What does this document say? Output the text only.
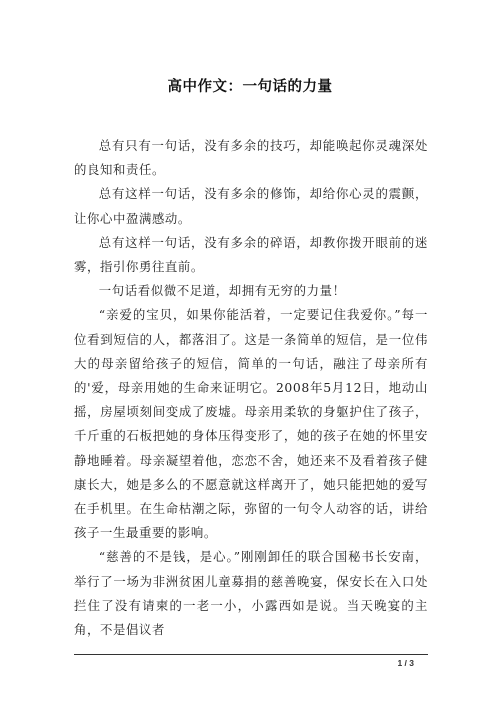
高中作文：一句话的力量

总有只有一句话，没有多余的技巧，却能唤起你灵魂深处的良知和责任。

总有这样一句话，没有多余的修饰，却给你心灵的震颤，让你心中盈满感动。

总有这样一句话，没有多余的碎语，却教你拨开眼前的迷雾，指引你勇往直前。

一句话看似微不足道，却拥有无穷的力量！

“亲爱的宝贝，如果你能活着，一定要记住我爱你。”每一位看到短信的人，都落泪了。这是一条简单的短信，是一位伟大的母亲留给孩子的短信，简单的一句话，融注了母亲所有的'爱，母亲用她的生命来证明它。2008年5月12日，地动山摇，房屋顷刻间变成了废墟。母亲用柔软的身躯护住了孩子，千斤重的石板把她的身体压得变形了，她的孩子在她的怀里安静地睡着。母亲凝望着他，恋恋不舍，她还来不及看着孩子健康长大，她是多么的不愿意就这样离开了，她只能把她的爱写在手机里。在生命枯潮之际，弥留的一句令人动容的话，讲给孩子一生最重要的影响。

“慈善的不是钱，是心。”刚刚卸任的联合国秘书长安南，举行了一场为非洲贫困儿童募捐的慈善晚宴，保安长在入口处拦住了没有请柬的一老一小，小露西如是说。当天晚宴的主角，不是倡议者

1 / 3
